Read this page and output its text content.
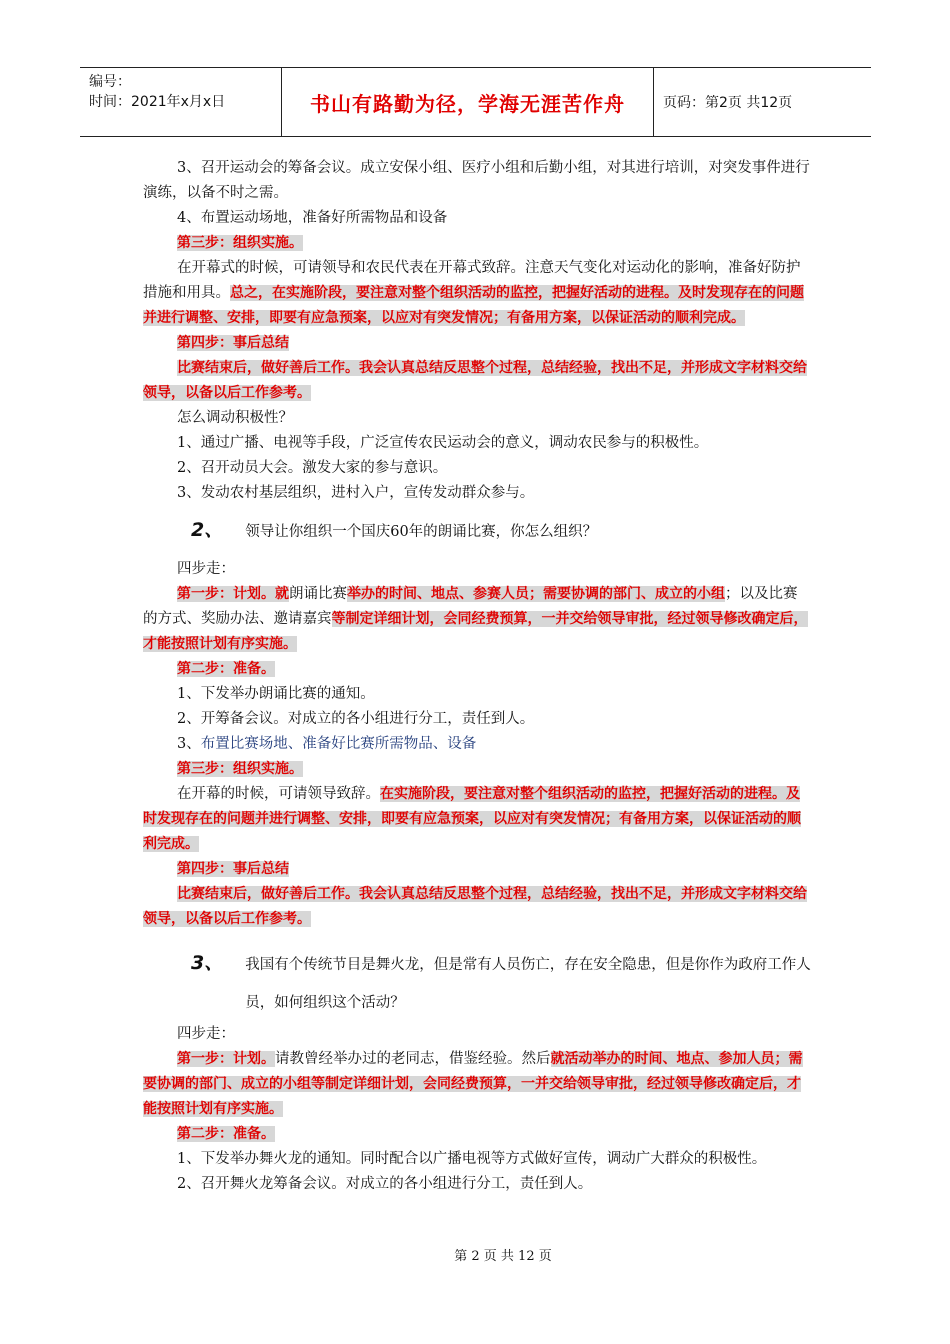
编号：
时间：2021年x月x日	书山有路勤为径，学海无涯苦作舟	页码：第2页 共12页

3、召开运动会的筹备会议。成立安保小组、医疗小组和后勤小组，对其进行培训，对突发事件进行演练，以备不时之需。

4、布置运动场地，准备好所需物品和设备

第三步：组织实施。

在开幕式的时候，可请领导和农民代表在开幕式致辞。注意天气变化对运动化的影响，准备好防护措施和用具。总之，在实施阶段，要注意对整个组织活动的监控，把握好活动的进程。及时发现存在的问题并进行调整、安排，即要有应急预案，以应对有突发情况；有备用方案，以保证活动的顺利完成。

第四步：事后总结

比赛结束后，做好善后工作。我会认真总结反思整个过程，总结经验，找出不足，并形成文字材料交给领导，以备以后工作参考。

怎么调动积极性？

1、通过广播、电视等手段，广泛宣传农民运动会的意义，调动农民参与的积极性。

2、召开动员大会。激发大家的参与意识。

3、发动农村基层组织，进村入户，宣传发动群众参与。

2、 领导让你组织一个国庆60年的朗诵比赛，你怎么组织？

四步走：

第一步：计划。就朗诵比赛举办的时间、地点、参赛人员；需要协调的部门、成立的小组；以及比赛的方式、奖励办法、邀请嘉宾等制定详细计划，会同经费预算，一并交给领导审批，经过领导修改确定后，才能按照计划有序实施。

第二步：准备。

1、下发举办朗诵比赛的通知。

2、开筹备会议。对成立的各小组进行分工，责任到人。

3、布置比赛场地、准备好比赛所需物品、设备

第三步：组织实施。

在开幕的时候，可请领导致辞。在实施阶段，要注意对整个组织活动的监控，把握好活动的进程。及时发现存在的问题并进行调整、安排，即要有应急预案，以应对有突发情况；有备用方案，以保证活动的顺利完成。

第四步：事后总结

比赛结束后，做好善后工作。我会认真总结反思整个过程，总结经验，找出不足，并形成文字材料交给领导，以备以后工作参考。

3、 我国有个传统节目是舞火龙，但是常有人员伤亡，存在安全隐患，但是你作为政府工作人员，如何组织这个活动？

四步走：

第一步：计划。请教曾经举办过的老同志，借鉴经验。然后就活动举办的时间、地点、参加人员；需要协调的部门、成立的小组等制定详细计划，会同经费预算，一并交给领导审批，经过领导修改确定后，才能按照计划有序实施。

第二步：准备。

1、下发举办舞火龙的通知。同时配合以广播电视等方式做好宣传，调动广大群众的积极性。

2、召开舞火龙筹备会议。对成立的各小组进行分工，责任到人。

第 2 页 共 12 页
